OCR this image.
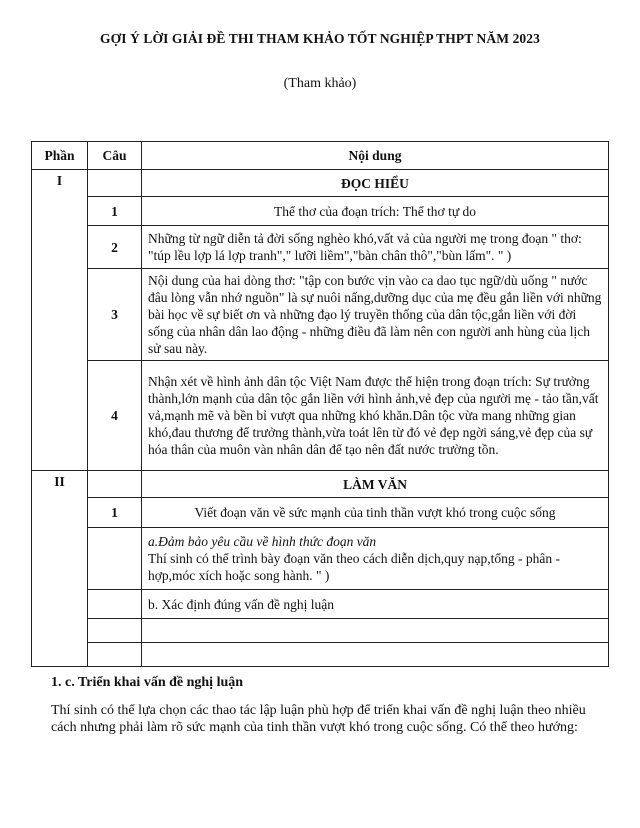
GỢI Ý LỜI GIẢI ĐỀ THI THAM KHẢO TỐT NGHIỆP THPT NĂM 2023
(Tham khảo)
Phần	Câu	Nội dung
I		ĐỌC HIỂU
	1	Thể thơ của đoạn trích: Thể thơ tự do
	2	Những từ ngữ diễn tả đời sống nghèo khó,vất vả của người mẹ trong đoạn " thơ: "túp lều lợp lá lợp tranh"," lưỡi liềm","bàn chân thô","bùn lấm". " )
	3	Nội dung của hai dòng thơ: "tập con bước vịn vào ca dao tục ngữ/dù uống " nước đâu lòng vẫn nhớ nguồn" là sự nuôi nấng,dưỡng dục của mẹ đều gắn liền với những bài học về sự biết ơn và những đạo lý truyền thống của dân tộc,gắn liền với đời sống của nhân dân lao động - những điều đã làm nên con người anh hùng của lịch sử sau này.
	4	Nhận xét về hình ảnh dân tộc Việt Nam được thể hiện trong đoạn trích: Sự trưởng thành,lớn mạnh của dân tộc gắn liền với hình ảnh,vẻ đẹp của người mẹ - tảo tần,vất vả,mạnh mẽ và bền bỉ vượt qua những khó khăn.Dân tộc vừa mang những gian khó,đau thương để trưởng thành,vừa toát lên từ đó vẻ đẹp ngời sáng,vẻ đẹp của sự hóa thân của muôn vàn nhân dân để tạo nên đất nước trường tồn.
II		LÀM VĂN
	1	Viết đoạn văn về sức mạnh của tinh thần vượt khó trong cuộc sống

		a.Đảm bảo yêu cầu về hình thức đoạn văn
Thí sinh có thể trình bày đoạn văn theo cách diễn dịch,quy nạp,tổng - phân - hợp,móc xích hoặc song hành. " )

		b. Xác định đúng vấn đề nghị luận

1. c. Triển khai vấn đề nghị luận
Thí sinh có thể lựa chọn các thao tác lập luận phù hợp để triển khai vấn đề nghị luận theo nhiều cách nhưng phải làm rõ sức mạnh của tinh thần vượt khó trong cuộc sống. Có thể theo hướng:
